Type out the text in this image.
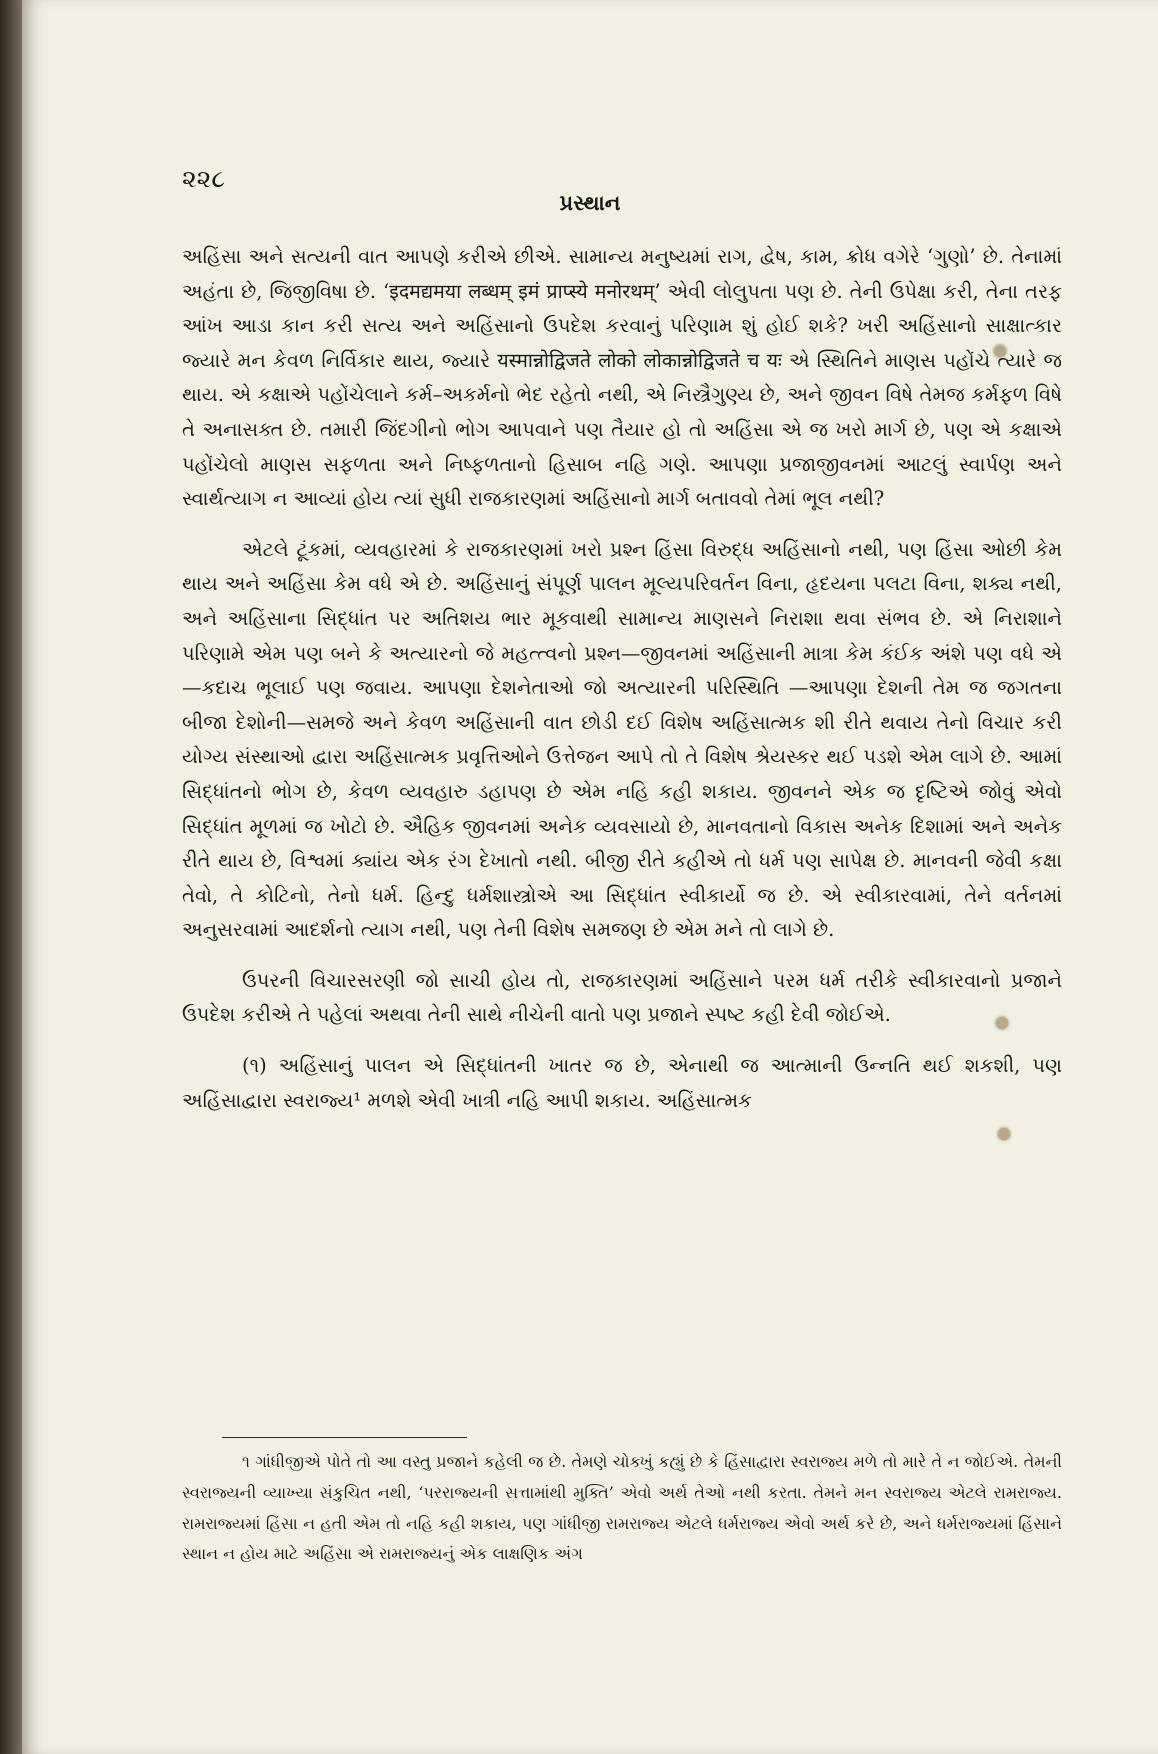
૨૨૮
પ્રસ્થાન

અહિંસા અને સત્યની વાત આપણે કરીએ છીએ. સામાન્ય મનુષ્યમાં રાગ, દ્વેષ, કામ, ક્રોધ વગેરે ‘ગુણો’ છે. તેનામાં અહંતા છે, જિજીવિષા છે. ‘इदमद्यमया लब्धम् इमं प्राप्स्ये मनोरथम्’ એવી લોલુપતા પણ છે. તેની ઉપેક્ષા કરી, તેના તરફ આંખ આડા કાન કરી સત્ય અને અહિંસાનો ઉપદેશ કરવાનું પરિણામ શું હોઈ શકે? ખરી અહિંસાનો સાક્ષાત્કાર જ્યારે મન કેવળ નિર્વિકાર થાય, જ્યારે यस्मान्नोद्विजते लोको लोकान्नोद्विजते च यः એ સ્થિતિને માણસ પહોંચે ત્યારે જ થાય. એ કક્ષાએ પહોંચેલાને કર્મ–અકર્મનો ભેદ રહેતો નથી, એ નિસ્ત્રૈગુણ્ય છે, અને જીવન વિષે તેમજ કર્મફળ વિષે તે અનાસક્ત છે. તમારી જિંદગીનો ભોગ આપવાને પણ તૈયાર હો તો અહિંસા એ જ ખરો માર્ગ છે, પણ એ કક્ષાએ પહોંચેલો માણસ સફળતા અને નિષ્ફળતાનો હિસાબ નહિ ગણે. આપણા પ્રજાજીવનમાં આટલું સ્વાર્પણ અને સ્વાર્થત્યાગ ન આવ્યાં હોય ત્યાં સુધી રાજકારણમાં અહિંસાનો માર્ગ બતાવવો તેમાં ભૂલ નથી?

એટલે ટૂંકમાં, વ્યવહારમાં કે રાજકારણમાં ખરો પ્રશ્ન હિંસા વિરુદ્ધ અહિંસાનો નથી, પણ હિંસા ઓછી કેમ થાય અને અહિંસા કેમ વધે એ છે. અહિંસાનું સંપૂર્ણ પાલન મૂલ્યપરિવર્તન વિના, હૃદયના પલટા વિના, શક્ય નથી, અને અહિંસાના સિદ્ધાંત પર અતિશય ભાર મૂકવાથી સામાન્ય માણસને નિરાશા થવા સંભવ છે. એ નિરાશાને પરિણામે એમ પણ બને કે અત્યારનો જે મહત્ત્વનો પ્રશ્ન—જીવનમાં અહિંસાની માત્રા કેમ કંઈક અંશે પણ વધે એ—કદાચ ભૂલાઈ પણ જવાય. આપણા દેશનેતાઓ જો અત્યારની પરિસ્થિતિ —આપણા દેશની તેમ જ જગતના બીજા દેશોની—સમજે અને કેવળ અહિંસાની વાત છોડી દઈ વિશેષ અહિંસાત્મક શી રીતે થવાય તેનો વિચાર કરી યોગ્ય સંસ્થાઓ દ્વારા અહિંસાત્મક પ્રવૃત્તિઓને ઉત્તેજન આપે તો તે વિશેષ શ્રેયસ્કર થઈ પડશે એમ લાગે છે. આમાં સિદ્ધાંતનો ભોગ છે, કેવળ વ્યવહારુ ડહાપણ છે એમ નહિ કહી શકાય. જીવનને એક જ દૃષ્ટિએ જોવું એવો સિદ્ધાંત મૂળમાં જ ખોટો છે. ઐહિક જીવનમાં અનેક વ્યવસાયો છે, માનવતાનો વિકાસ અનેક દિશામાં અને અનેક રીતે થાય છે, વિશ્વમાં ક્યાંય એક રંગ દેખાતો નથી. બીજી રીતે કહીએ તો ધર્મ પણ સાપેક્ષ છે. માનવની જેવી કક્ષા તેવો, તે કોટિનો, તેનો ધર્મ. હિન્દુ ધર્મશાસ્ત્રોએ આ સિદ્ધાંત સ્વીકાર્યો જ છે. એ સ્વીકારવામાં, તેને વર્તનમાં અનુસરવામાં આદર્શનો ત્યાગ નથી, પણ તેની વિશેષ સમજણ છે એમ મને તો લાગે છે.

ઉપરની વિચારસરણી જો સાચી હોય તો, રાજકારણમાં અહિંસાને પરમ ધર્મ તરીકે સ્વીકારવાનો પ્રજાને ઉપદેશ કરીએ તે પહેલાં અથવા તેની સાથે નીચેની વાતો પણ પ્રજાને સ્પષ્ટ કહી દેવી જોઈએ.

(૧) અહિંસાનું પાલન એ સિદ્ધાંતની ખાતર જ છે, એનાથી જ આત્માની ઉન્નતિ થઈ શકશી, પણ અહિંસાદ્વારા સ્વરાજ્ય¹ મળશે એવી ખાત્રી નહિ આપી શકાય. અહિંસાત્મક

૧ ગાંધીજીએ પોતે તો આ વસ્તુ પ્રજાને કહેલી જ છે. તેમણે ચોક્ખું કહ્યું છે કે હિંસાદ્વારા સ્વરાજ્ય મળે તો મારે તે ન જોઈએ. તેમની સ્વરાજ્યની વ્યાખ્યા સંકુચિત નથી, ‘પરરાજ્યની સત્તામાંથી મુક્તિ’ એવો અર્થ તેઓ નથી કરતા. તેમને મન સ્વરાજ્ય એટલે રામરાજ્ય. રામરાજ્યમાં હિંસા ન હતી એમ તો નહિ કહી શકાય, પણ ગાંધીજી રામરાજ્ય એટલે ધર્મરાજ્ય એવો અર્થ કરે છે, અને ધર્મરાજ્યમાં હિંસાને સ્થાન ન હોય માટે અહિંસા એ રામરાજ્યનું એક લાક્ષણિક અંગ
